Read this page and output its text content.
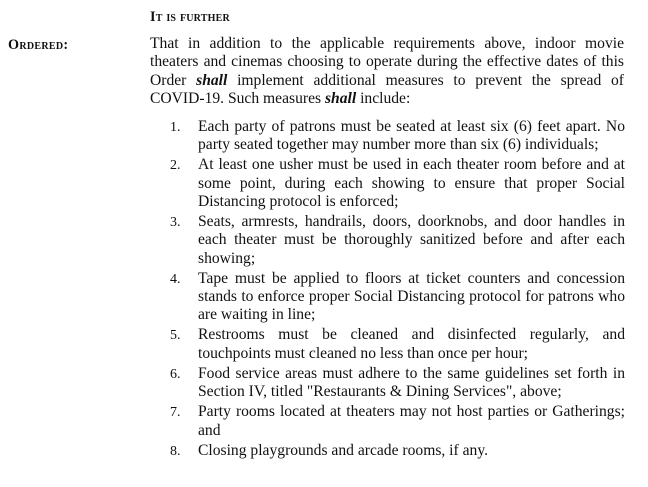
It is further
Ordered:	That in addition to the applicable requirements above, indoor movie theaters and cinemas choosing to operate during the effective dates of this Order shall implement additional measures to prevent the spread of COVID-19. Such measures shall include:
1. Each party of patrons must be seated at least six (6) feet apart. No party seated together may number more than six (6) individuals;
2. At least one usher must be used in each theater room before and at some point, during each showing to ensure that proper Social Distancing protocol is enforced;
3. Seats, armrests, handrails, doors, doorknobs, and door handles in each theater must be thoroughly sanitized before and after each showing;
4. Tape must be applied to floors at ticket counters and concession stands to enforce proper Social Distancing protocol for patrons who are waiting in line;
5. Restrooms must be cleaned and disinfected regularly, and touchpoints must cleaned no less than once per hour;
6. Food service areas must adhere to the same guidelines set forth in Section IV, titled "Restaurants & Dining Services", above;
7. Party rooms located at theaters may not host parties or Gatherings; and
8. Closing playgrounds and arcade rooms, if any.
